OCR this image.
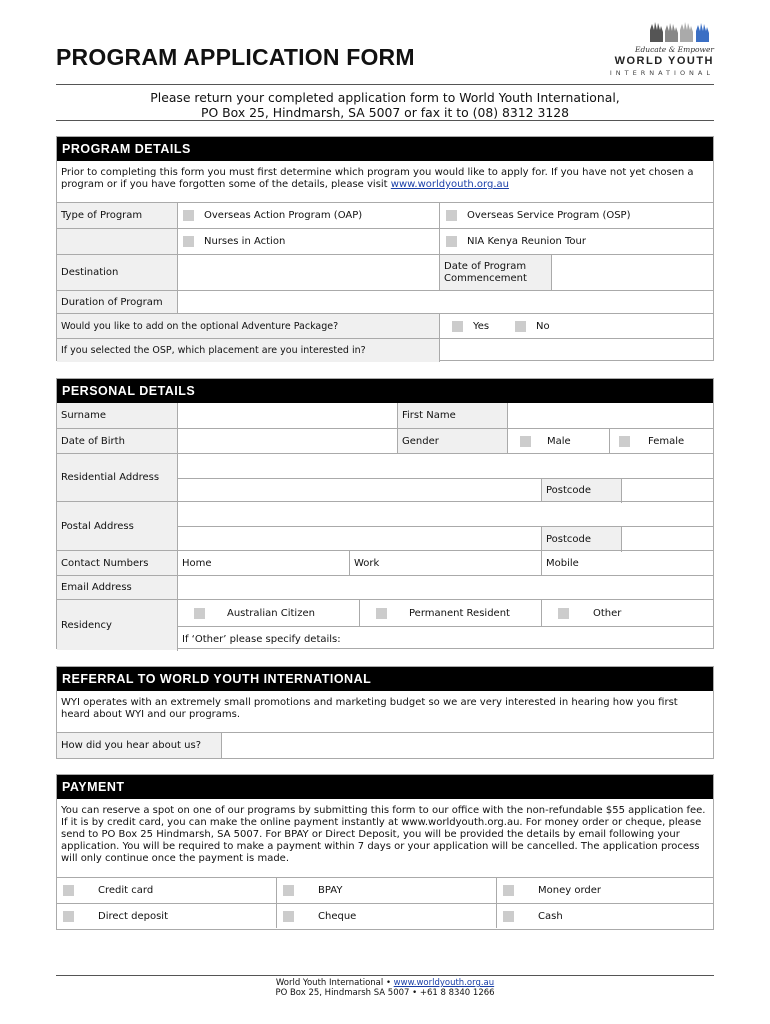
PROGRAM APPLICATION FORM	Educate & Empower
WORLD YOUTH
INTERNATIONAL
Please return your completed application form to World Youth International,
PO Box 25, Hindmarsh, SA 5007 or fax it to (08) 8312 3128
PROGRAM DETAILS
Prior to completing this form you must first determine which program you would like to apply for. If you have not yet chosen a program or if you have forgotten some of the details, please visit www.worldyouth.org.au
Type of Program	Overseas Action Program (OAP)	Overseas Service Program (OSP)
Nurses in Action	NIA Kenya Reunion Tour
Destination
Date of Program Commencement
Duration of Program
Would you like to add on the optional Adventure Package?	Yes	No
If you selected the OSP, which placement are you interested in?
PERSONAL DETAILS
Surname	First Name
Date of Birth	Gender	Male	Female
Residential Address
Postcode
Postal Address
Postcode
Contact Numbers	Home	Work	Mobile
Email Address
Residency
Australian Citizen	Permanent Resident	Other
If ‘Other’ please specify details:
REFERRAL TO WORLD YOUTH INTERNATIONAL
WYI operates with an extremely small promotions and marketing budget so we are very interested in hearing how you first heard about WYI and our programs.
How did you hear about us?
PAYMENT
You can reserve a spot on one of our programs by submitting this form to our office with the non-refundable $55 application fee. If it is by credit card, you can make the online payment instantly at www.worldyouth.org.au. For money order or cheque, please send to PO Box 25 Hindmarsh, SA 5007. For BPAY or Direct Deposit, you will be provided the details by email following your application. You will be required to make a payment within 7 days or your application will be cancelled. The application process will only continue once the payment is made.
Credit card	BPAY	Money order
Direct deposit	Cheque	Cash
World Youth International • www.worldyouth.org.au
PO Box 25, Hindmarsh SA 5007 • +61 8 8340 1266
